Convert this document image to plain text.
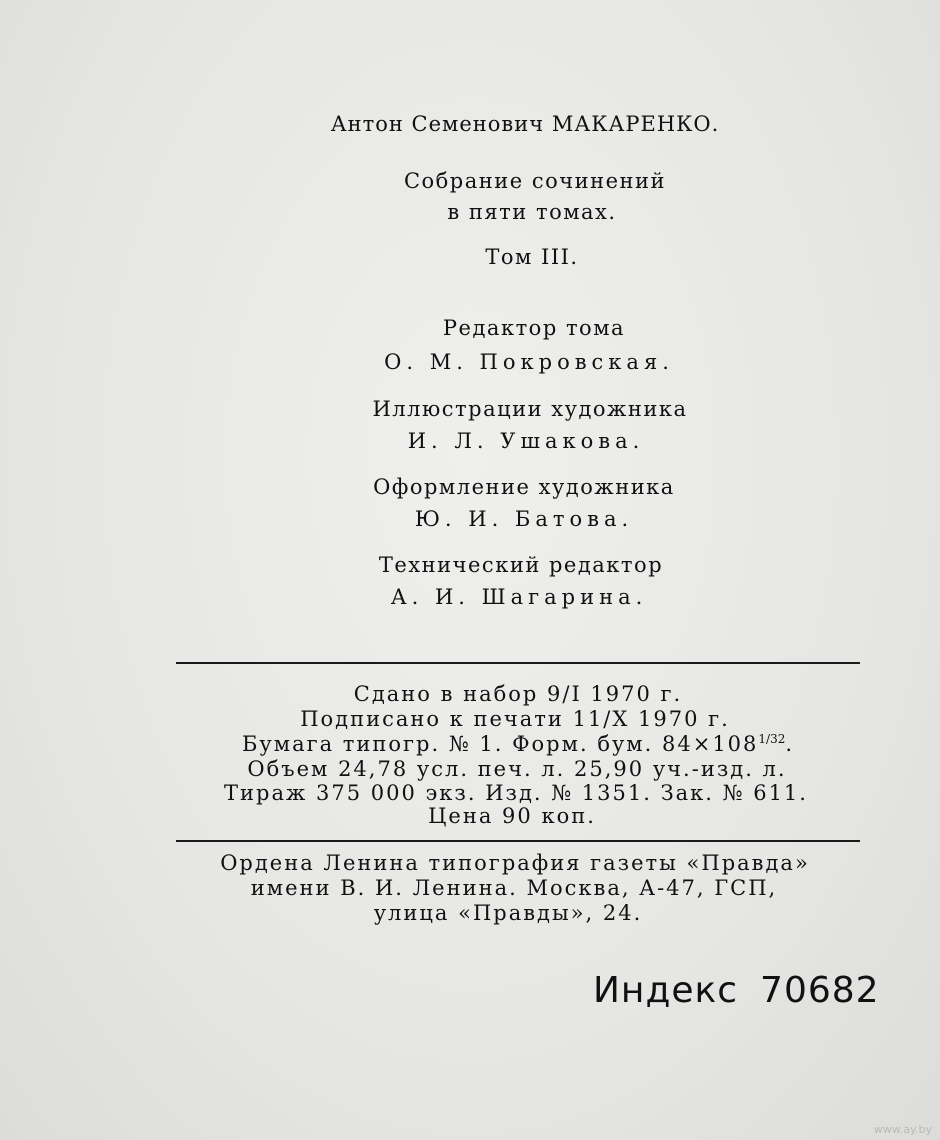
Антон Семенович МАКАРЕНКО.
Собрание сочинений
в пяти томах.
Том III.
Редактор тома
О. М. Покровская.
Иллюстрации художника
И. Л. Ушакова.
Оформление художника
Ю. И. Батова.
Технический редактор
А. И. Шагарина.
Сдано в набор 9/I 1970 г.
Подписано к печати 11/Х 1970 г.
Бумага типогр. № 1. Форм. бум. $84\times 108^{1/32}$.
Объем 24,78 усл. печ. л. 25,90 уч.-изд. л.
Тираж 375 000 экз. Изд. № 1351. Зак. № 611.
Цена 90 коп.
Ордена Ленина типография газеты «Правда»
имени В. И. Ленина. Москва, А-47, ГСП,
улица «Правды», 24.
Индекс 70682
www.ay.by
